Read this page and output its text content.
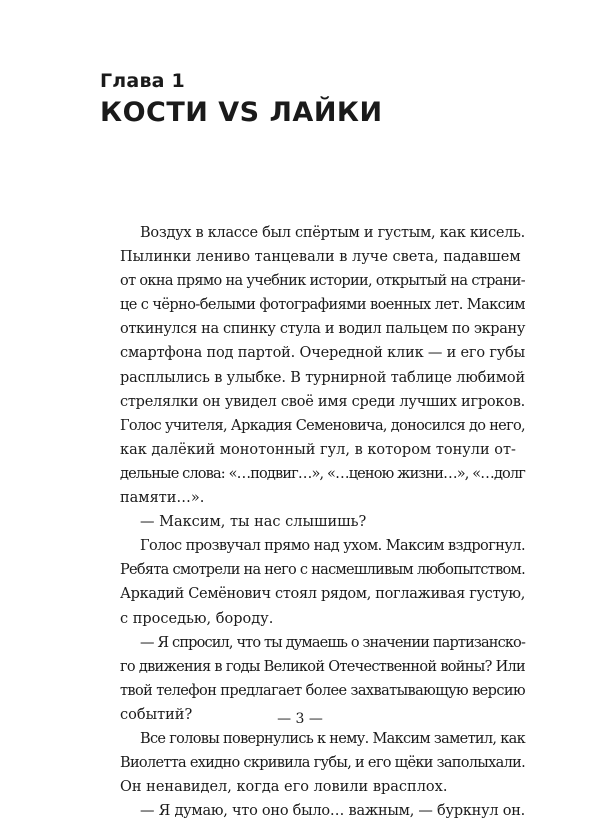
Глава 1
КОСТИ VS ЛАЙКИ
Воздух в классе был спёртым и густым, как кисель.
Пылинки лениво танцевали в луче света, падавшем
от окна прямо на учебник истории, открытый на страни-
це с чёрно-белыми фотографиями военных лет. Максим
откинулся на спинку стула и водил пальцем по экрану
смартфона под партой. Очередной клик — и его губы
расплылись в улыбке. В турнирной таблице любимой
стрелялки он увидел своё имя среди лучших игроков.
Голос учителя, Аркадия Семеновича, доносился до него,
как далёкий монотонный гул, в котором тонули от-
дельные слова: «…подвиг…», «…ценою жизни…», «…долг
памяти…».
— Максим, ты нас слышишь?
Голос прозвучал прямо над ухом. Максим вздрогнул.
Ребята смотрели на него с насмешливым любопытством.
Аркадий Семёнович стоял рядом, поглаживая густую,
с проседью, бороду.
— Я спросил, что ты думаешь о значении партизанско-
го движения в годы Великой Отечественной войны? Или
твой телефон предлагает более захватывающую версию
событий?
Все головы повернулись к нему. Максим заметил, как
Виолетта ехидно скривила губы, и его щёки заполыхали.
Он ненавидел, когда его ловили врасплох.
— Я думаю, что оно было… важным, — буркнул он.

— 3 —
